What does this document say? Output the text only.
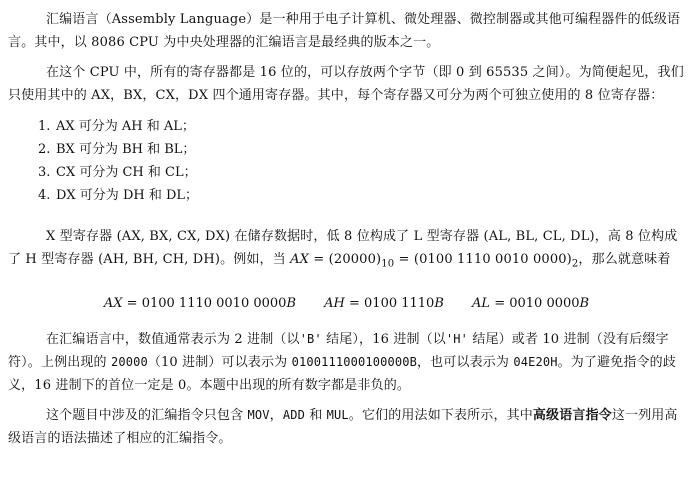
汇编语言（Assembly Language）是一种用于电子计算机、微处理器、微控制器或其他可编程器件的低级语言。其中，以 8086 CPU 为中央处理器的汇编语言是最经典的版本之一。

在这个 CPU 中，所有的寄存器都是 16 位的，可以存放两个字节（即 0 到 65535 之间）。为简便起见，我们只使用其中的 AX，BX，CX，DX 四个通用寄存器。其中，每个寄存器又可分为两个可独立使用的 8 位寄存器：

1. AX 可分为 AH 和 AL；
2. BX 可分为 BH 和 BL；
3. CX 可分为 CH 和 CL；
4. DX 可分为 DH 和 DL；

X 型寄存器 (AX, BX, CX, DX) 在储存数据时，低 8 位构成了 L 型寄存器 (AL, BL, CL, DL)，高 8 位构成了 H 型寄存器 (AH, BH, CH, DH)。例如，当 AX = $(20000)_{10} = (0100$ 1110 0010 $0000)_2$，那么就意味着

AX = 0100 1110 0010 0000B AH = 0100 1110B AL = 0010 0000B

在汇编语言中，数值通常表示为 2 进制（以'B' 结尾），16 进制（以'H' 结尾）或者 10 进制（没有后缀字符）。上例出现的 20000（10 进制）可以表示为 0100111000100000B，也可以表示为 04E20H。为了避免指令的歧义，16 进制下的首位一定是 0。本题中出现的所有数字都是非负的。

这个题目中涉及的汇编指令只包含 MOV，ADD 和 MUL。它们的用法如下表所示，其中高级语言指令这一列用高级语言的语法描述了相应的汇编指令。
